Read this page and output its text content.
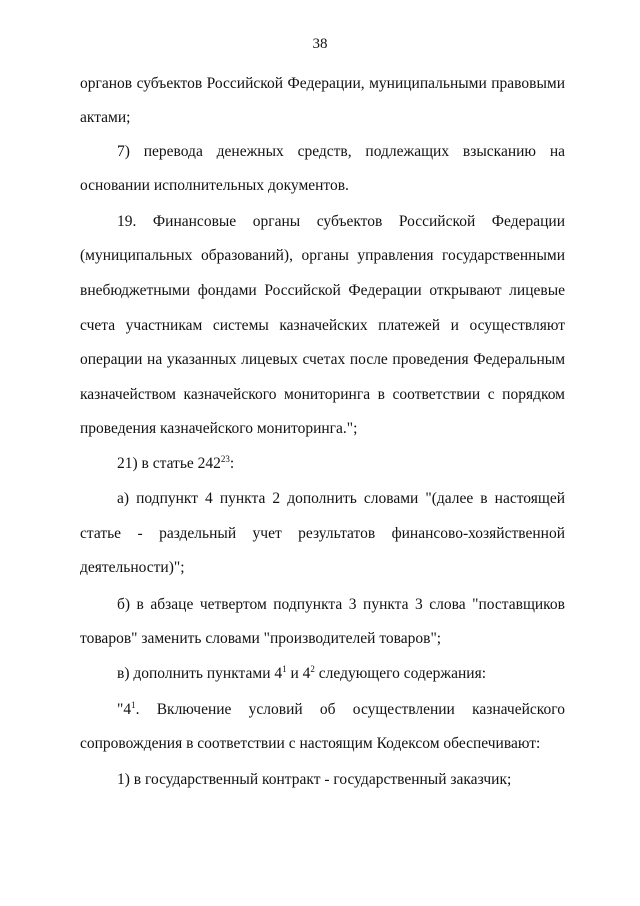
38
органов субъектов Российской Федерации, муниципальными правовыми
актами;
7) перевода денежных средств, подлежащих взысканию на
основании исполнительных документов.
19. Финансовые органы субъектов Российской Федерации
(муниципальных образований), органы управления государственными
внебюджетными фондами Российской Федерации открывают лицевые
счета участникам системы казначейских платежей и осуществляют
операции на указанных лицевых счетах после проведения Федеральным
казначейством казначейского мониторинга в соответствии с порядком
проведения казначейского мониторинга.";
21) в статье $242^{23}$:
а) подпункт 4 пункта 2 дополнить словами "(далее в настоящей
статье - раздельный учет результатов финансово-хозяйственной
деятельности)";
б) в абзаце четвертом подпункта 3 пункта 3 слова "поставщиков
товаров" заменить словами "производителей товаров";
в) дополнить пунктами $4^1$ и $4^2$ следующего содержания:
"$4^1$ . Включение условий об осуществлении казначейского
сопровождения в соответствии с настоящим Кодексом обеспечивают:
1) в государственный контракт - государственный заказчик;
